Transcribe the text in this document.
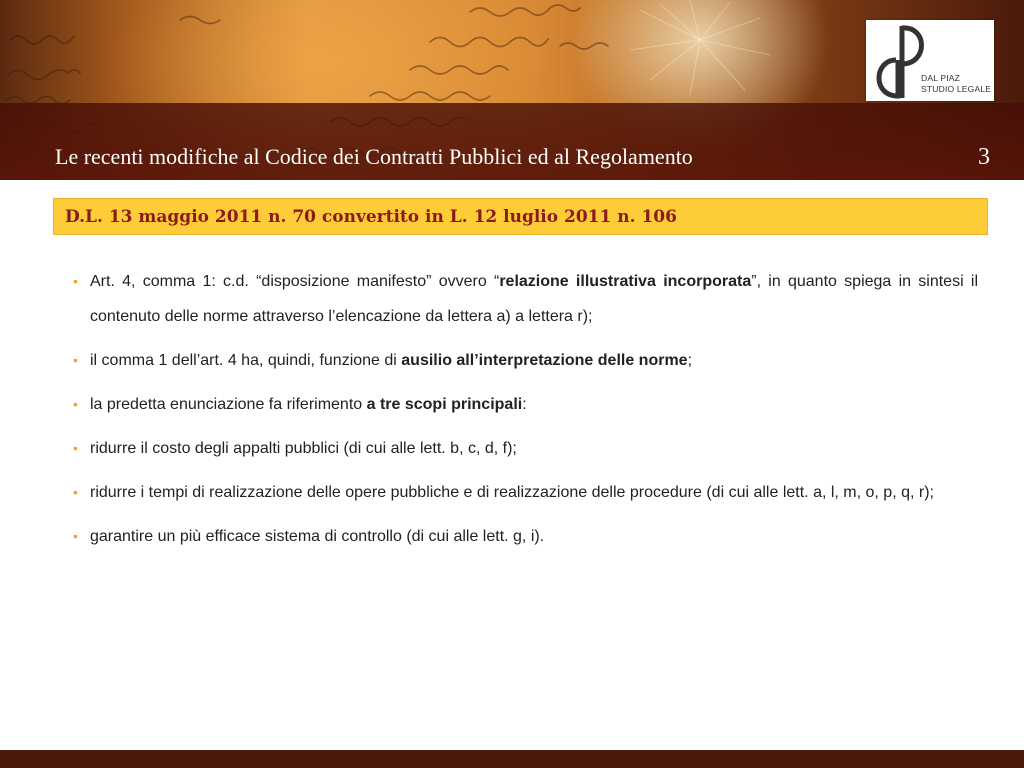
Le recenti modifiche al Codice dei Contratti Pubblici ed al Regolamento	3
DAL PIAZ
STUDIO LEGALE
D.L. 13 maggio 2011 n. 70 convertito in L. 12 luglio 2011 n. 106
• Art. 4, comma 1: c.d. “disposizione manifesto” ovvero “relazione illustrativa incorporata”, in quanto spiega in sintesi il contenuto delle norme attraverso l’elencazione da lettera a) a lettera r);
• il comma 1 dell’art. 4 ha, quindi, funzione di ausilio all’interpretazione delle norme;
• la predetta enunciazione fa riferimento a tre scopi principali:
• ridurre il costo degli appalti pubblici (di cui alle lett. b, c, d, f);
• ridurre i tempi di realizzazione delle opere pubbliche e di realizzazione delle procedure (di cui alle lett. a, l, m, o, p, q, r);
• garantire un più efficace sistema di controllo (di cui alle lett. g, i).
